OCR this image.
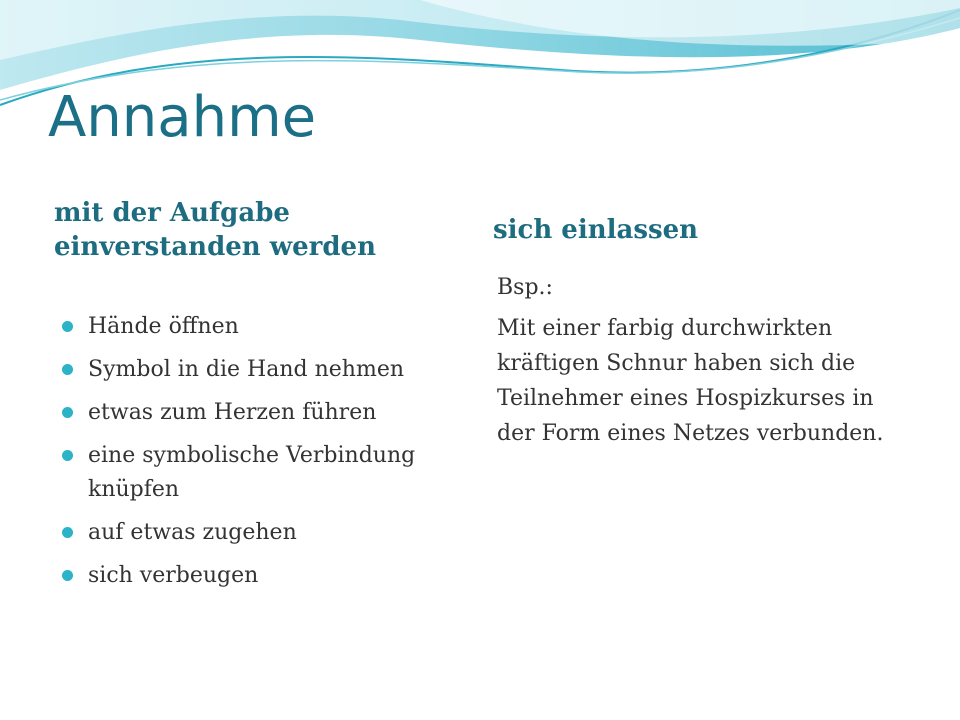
Annahme
mit der Aufgabe einverstanden werden
sich einlassen
Hände öffnen
Symbol in die Hand nehmen
etwas zum Herzen führen
eine symbolische Verbindung knüpfen
auf etwas zugehen
sich verbeugen

Bsp.:

Mit einer farbig durchwirkten kräftigen Schnur haben sich die Teilnehmer eines Hospizkurses in der Form eines Netzes verbunden.
